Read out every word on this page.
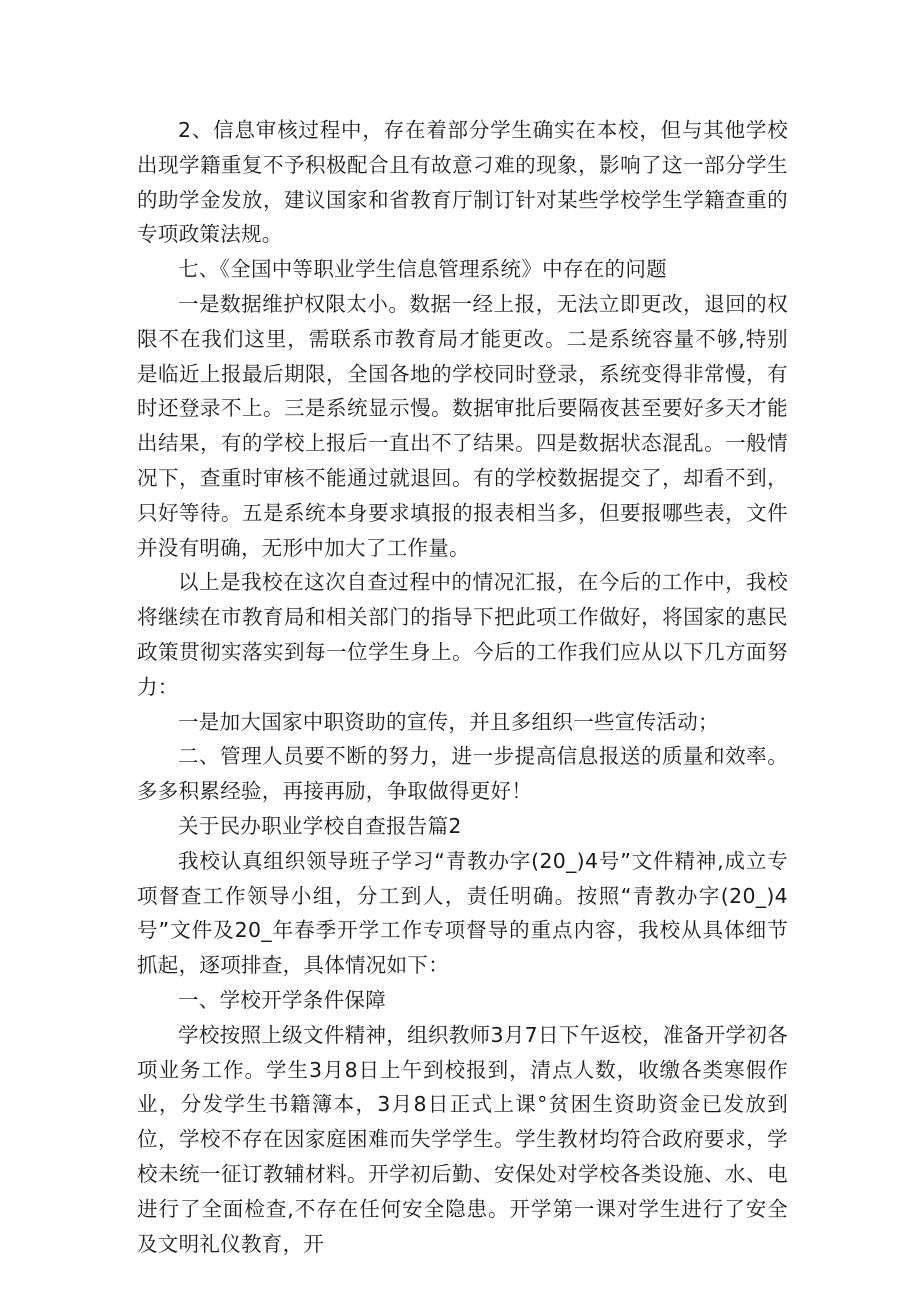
2、信息审核过程中，存在着部分学生确实在本校，但与其他学校出现学籍重复不予积极配合且有故意刁难的现象，影响了这一部分学生的助学金发放，建议国家和省教育厅制订针对某些学校学生学籍查重的专项政策法规。

七、《全国中等职业学生信息管理系统》中存在的问题

一是数据维护权限太小。数据一经上报，无法立即更改，退回的权限不在我们这里，需联系市教育局才能更改。二是系统容量不够,特别是临近上报最后期限，全国各地的学校同时登录，系统变得非常慢，有时还登录不上。三是系统显示慢。数据审批后要隔夜甚至要好多天才能出结果，有的学校上报后一直出不了结果。四是数据状态混乱。一般情况下，查重时审核不能通过就退回。有的学校数据提交了，却看不到，只好等待。五是系统本身要求填报的报表相当多，但要报哪些表，文件并没有明确，无形中加大了工作量。

以上是我校在这次自查过程中的情况汇报，在今后的工作中，我校将继续在市教育局和相关部门的指导下把此项工作做好，将国家的惠民政策贯彻实落实到每一位学生身上。今后的工作我们应从以下几方面努力：

一是加大国家中职资助的宣传，并且多组织一些宣传活动；

二、管理人员要不断的努力，进一步提高信息报送的质量和效率。多多积累经验，再接再励，争取做得更好！

关于民办职业学校自查报告篇2

我校认真组织领导班子学习“青教办字(20_)4号”文件精神,成立专项督查工作领导小组，分工到人，责任明确。按照“青教办字(20_)4号”文件及20_年春季开学工作专项督导的重点内容，我校从具体细节抓起，逐项排查，具体情况如下：

一、学校开学条件保障

学校按照上级文件精神，组织教师3月7日下午返校，准备开学初各项业务工作。学生3月8日上午到校报到，清点人数，收缴各类寒假作业，分发学生书籍簿本，3月8日正式上课°贫困生资助资金已发放到位，学校不存在因家庭困难而失学学生。学生教材均符合政府要求，学校未统一征订教辅材料。开学初后勤、安保处对学校各类设施、水、电进行了全面检查,不存在任何安全隐患。开学第一课对学生进行了安全及文明礼仪教育，开
